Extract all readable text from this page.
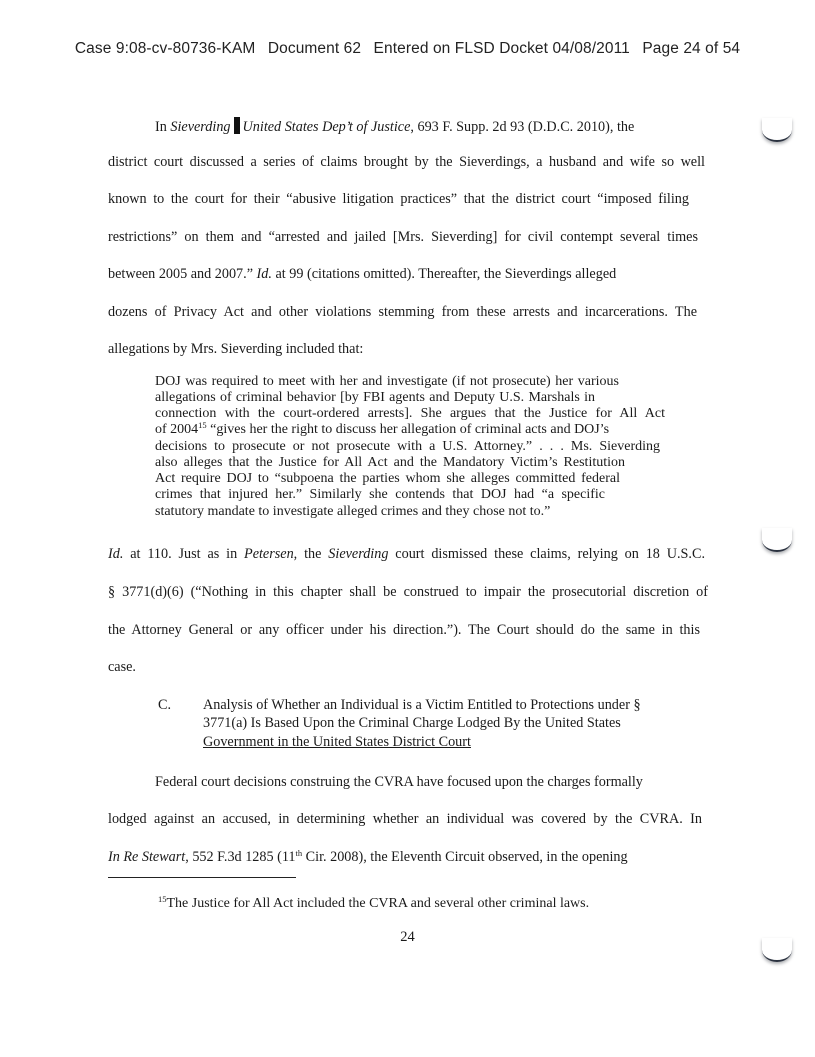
Case 9:08-cv-80736-KAM Document 62 Entered on FLSD Docket 04/08/2011 Page 24 of 54
In Sieverding United States Dep’t of Justice, 693 F. Supp. 2d 93 (D.D.C. 2010), the
district court discussed a series of claims brought by the Sieverdings, a husband and wife so well
known to the court for their “abusive litigation practices” that the district court “imposed filing
restrictions” on them and “arrested and jailed [Mrs. Sieverding] for civil contempt several times
between 2005 and 2007.” Id. at 99 (citations omitted). Thereafter, the Sieverdings alleged
dozens of Privacy Act and other violations stemming from these arrests and incarcerations. The
allegations by Mrs. Sieverding included that:
DOJ was required to meet with her and investigate (if not prosecute) her various
allegations of criminal behavior [by FBI agents and Deputy U.S. Marshals in
connection with the court-ordered arrests]. She argues that the Justice for All Act
of 2004$^{15}$ “gives her the right to discuss her allegation of criminal acts and DOJ’s
decisions to prosecute or not prosecute with a U.S. Attorney.” . . . Ms. Sieverding
also alleges that the Justice for All Act and the Mandatory Victim’s Restitution
Act require DOJ to “subpoena the parties whom she alleges committed federal
crimes that injured her.” Similarly she contends that DOJ had “a specific
statutory mandate to investigate alleged crimes and they chose not to.”
Id. at 110. Just as in Petersen, the Sieverding court dismissed these claims, relying on 18 U.S.C.
§ 3771(d)(6) (“Nothing in this chapter shall be construed to impair the prosecutorial discretion of
the Attorney General or any officer under his direction.”). The Court should do the same in this
case.
C. Analysis of Whether an Individual is a Victim Entitled to Protections under §
3771(a) Is Based Upon the Criminal Charge Lodged By the United States
Government in the United States District Court
Federal court decisions construing the CVRA have focused upon the charges formally
lodged against an accused, in determining whether an individual was covered by the CVRA. In
In Re Stewart, 552 F.3d 1285 (11th Cir. 2008), the Eleventh Circuit observed, in the opening
$^{15}$The Justice for All Act included the CVRA and several other criminal laws.
24
